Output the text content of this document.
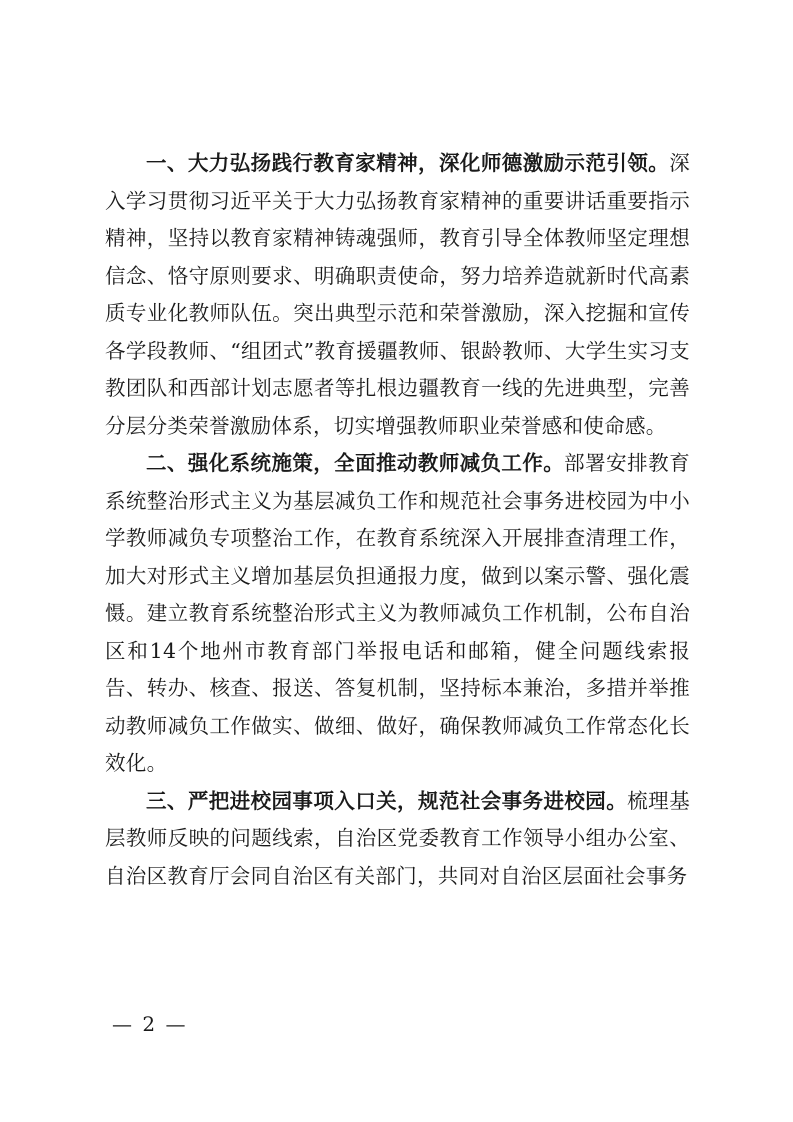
一、大力弘扬践行教育家精神，深化师德激励示范引领。深入学习贯彻习近平关于大力弘扬教育家精神的重要讲话重要指示精神，坚持以教育家精神铸魂强师，教育引导全体教师坚定理想信念、恪守原则要求、明确职责使命，努力培养造就新时代高素质专业化教师队伍。突出典型示范和荣誉激励，深入挖掘和宣传各学段教师、“组团式”教育援疆教师、银龄教师、大学生实习支教团队和西部计划志愿者等扎根边疆教育一线的先进典型，完善分层分类荣誉激励体系，切实增强教师职业荣誉感和使命感。

二、强化系统施策，全面推动教师减负工作。部署安排教育系统整治形式主义为基层减负工作和规范社会事务进校园为中小学教师减负专项整治工作，在教育系统深入开展排查清理工作，加大对形式主义增加基层负担通报力度，做到以案示警、强化震慑。建立教育系统整治形式主义为教师减负工作机制，公布自治区和14个地州市教育部门举报电话和邮箱，健全问题线索报告、转办、核查、报送、答复机制，坚持标本兼治，多措并举推动教师减负工作做实、做细、做好，确保教师减负工作常态化长效化。

三、严把进校园事项入口关，规范社会事务进校园。梳理基层教师反映的问题线索，自治区党委教育工作领导小组办公室、自治区教育厅会同自治区有关部门，共同对自治区层面社会事务

— 2 —
